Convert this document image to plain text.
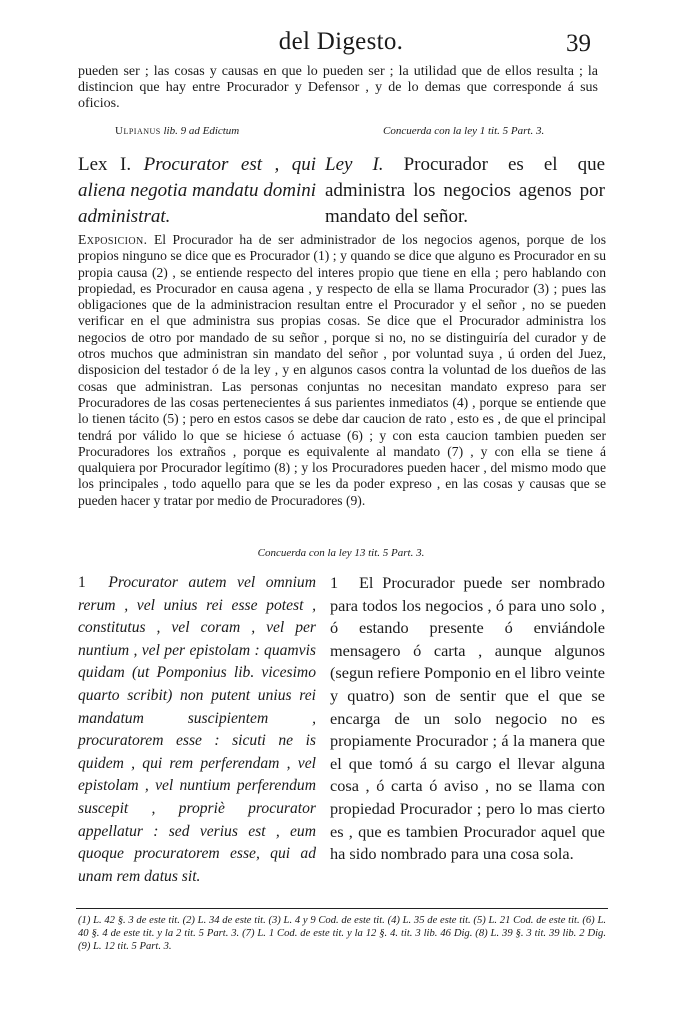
del Digesto.	39

pueden ser ; las cosas y causas en que lo pueden ser ; la utilidad que de ellos resulta ; la distincion que hay entre Procurador y Defensor , y de lo demas que corresponde á sus oficios.

Ulpianus lib. 9 ad Edictum	Concuerda con la ley 1 tit. 5 Part. 3.
Lex I. Procurator est , qui aliena negotia mandatu domini administrat.
Ley I. Procurador es el que administra los negocios agenos por mandato del señor.

Exposicion. El Procurador ha de ser administrador de los negocios agenos, porque de los propios ninguno se dice que es Procurador (1) ; y quando se dice que alguno es Procurador en su propia causa (2) , se entiende respecto del interes propio que tiene en ella ; pero hablando con propiedad, es Procurador en causa agena , y respecto de ella se llama Procurador (3) ; pues las obligaciones que de la administracion resultan entre el Procurador y el señor , no se pueden verificar en el que administra sus propias cosas. Se dice que el Procurador administra los negocios de otro por mandado de su señor , porque si no, no se distinguiría del curador y de otros muchos que administran sin mandato del señor , por voluntad suya , ú orden del Juez, disposicion del testador ó de la ley , y en algunos casos contra la voluntad de los dueños de las cosas que administran. Las personas conjuntas no necesitan mandato expreso para ser Procuradores de las cosas pertenecientes á sus parientes inmediatos (4) , porque se entiende que lo tienen tácito (5) ; pero en estos casos se debe dar caucion de rato , esto es , de que el principal tendrá por válido lo que se hiciese ó actuase (6) ; y con esta caucion tambien pueden ser Procuradores los extraños , porque es equivalente al mandato (7) , y con ella se tiene á qualquiera por Procurador legítimo (8) ; y los Procuradores pueden hacer , del mismo modo que los principales , todo aquello para que se les da poder expreso , en las cosas y causas que se pueden hacer y tratar por medio de Procuradores (9).

Concuerda con la ley 13 tit. 5 Part. 3.

1 Procurator autem vel omnium rerum , vel unius rei esse potest , constitutus , vel coram , vel per nuntium , vel per epistolam : quamvis quidam (ut Pomponius lib. vicesimo quarto scribit) non putent unius rei mandatum suscipientem , procuratorem esse : sicuti ne is quidem , qui rem perferendam , vel epistolam , vel nuntium perferendum suscepit , propriè procurator appellatur : sed verius est , eum quoque procuratorem esse, qui ad unam rem datus sit.

1 El Procurador puede ser nombrado para todos los negocios , ó para uno solo , ó estando presente ó enviándole mensagero ó carta , aunque algunos (segun refiere Pomponio en el libro veinte y quatro) son de sentir que el que se encarga de un solo negocio no es propiamente Procurador ; á la manera que el que tomó á su cargo el llevar alguna cosa , ó carta ó aviso , no se llama con propiedad Procurador ; pero lo mas cierto es , que es tambien Procurador aquel que ha sido nombrado para una cosa sola.

(1) L. 42 §. 3 de este tit. (2) L. 34 de este tit. (3) L. 4 y 9 Cod. de este tit. (4) L. 35 de este tit. (5) L. 21 Cod. de este tit. (6) L. 40 §. 4 de este tit. y la 2 tit. 5 Part. 3. (7) L. 1 Cod. de este tit. y la 12 §. 4. tit. 3 lib. 46 Dig. (8) L. 39 §. 3 tit. 39 lib. 2 Dig. (9) L. 12 tit. 5 Part. 3.
